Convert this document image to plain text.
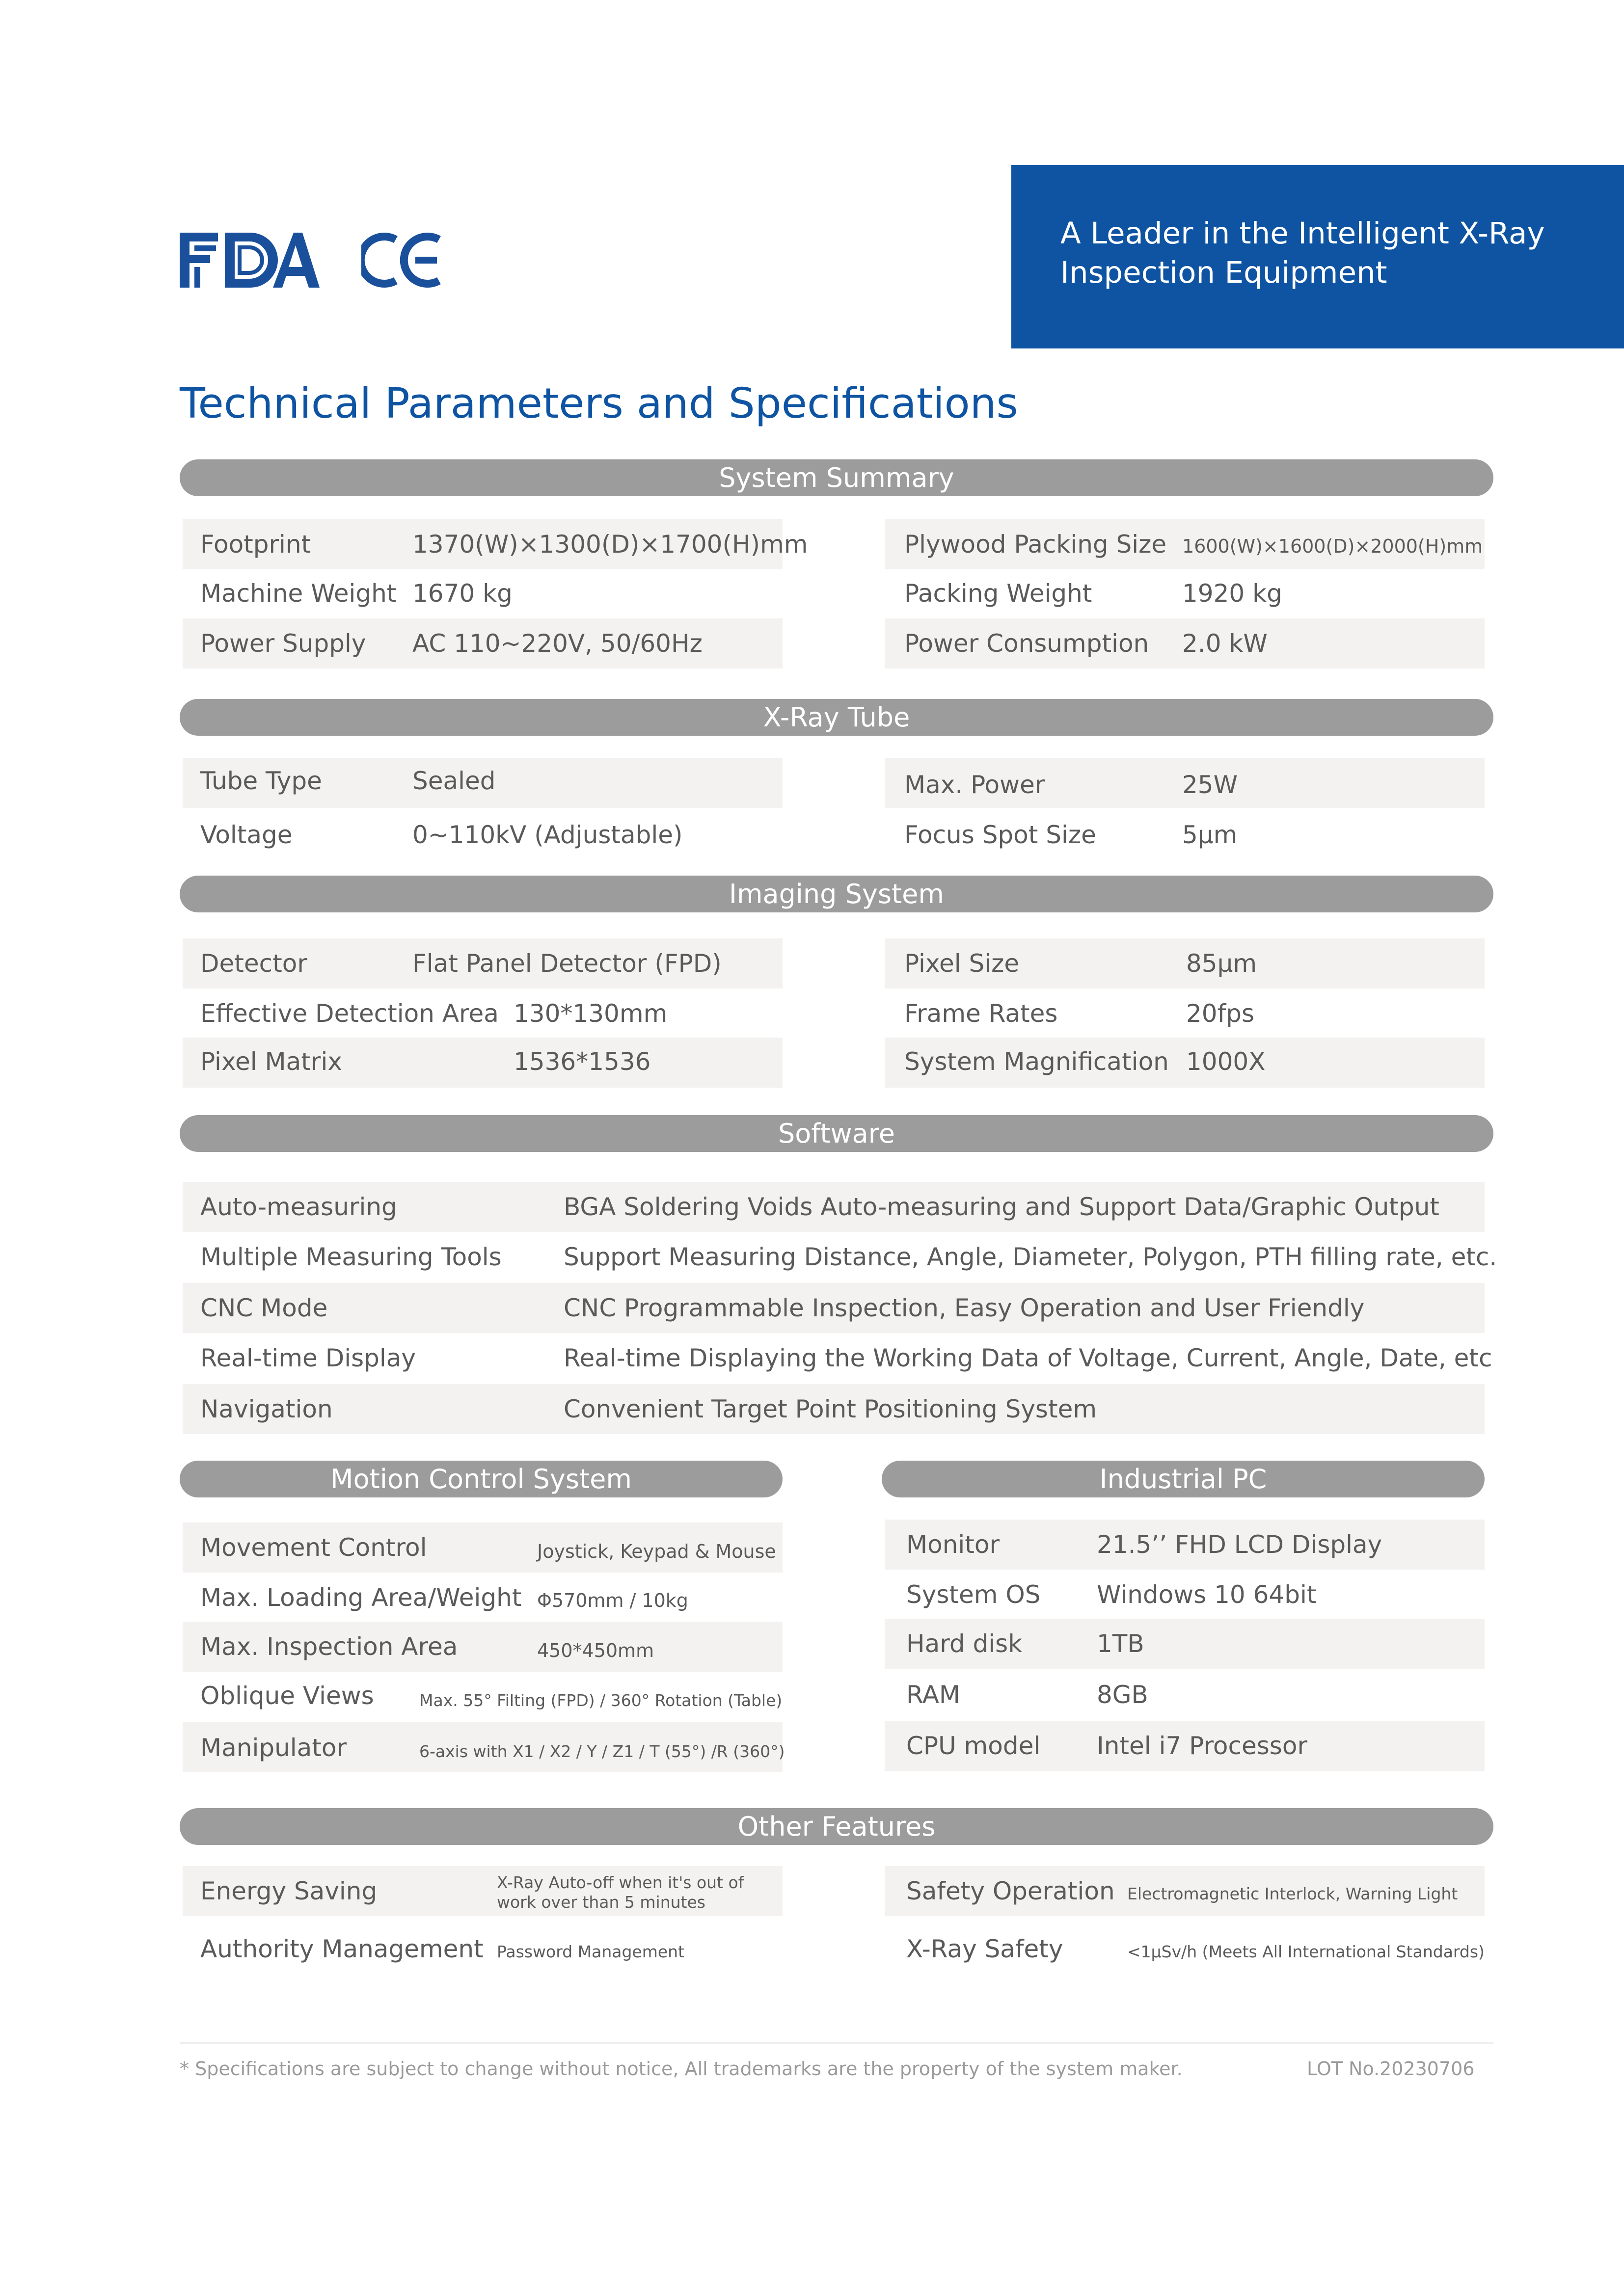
A Leader in the Intelligent X-Ray
Inspection Equipment
Technical Parameters and Specifications
System Summary
Footprint	1370(W)×1300(D)×1700(H)mm
Machine Weight 1670 kg
Power Supply AC 110~220V, 50/60Hz
Plywood Packing Size 1600(W)×1600(D)×2000(H)mm
Packing Weight	1920 kg
Power Consumption 2.0 kW
X-Ray Tube
Tube Type	Sealed
Voltage	0~110kV (Adjustable)
Max. Power	25W
Focus Spot Size	5μm
Imaging System
Detector	Flat Panel Detector (FPD)
Effective Detection Area 130*130mm
Pixel Matrix	1536*1536
Pixel Size	85μm
Frame Rates	20fps
System Magnification 1000X
Software
Auto-measuring	BGA Soldering Voids Auto-measuring and Support Data/Graphic Output
Multiple Measuring Tools	Support Measuring Distance, Angle, Diameter, Polygon, PTH filling rate, etc.
CNC Mode	CNC Programmable Inspection, Easy Operation and User Friendly
Real-time Display	Real-time Displaying the Working Data of Voltage, Current, Angle, Date, etc
Navigation	Convenient Target Point Positioning System
Motion Control System
Movement Control	Joystick, Keypad & Mouse
Max. Loading Area/Weight Φ570mm / 10kg
Max. Inspection Area	450*450mm
Oblique Views	Max. 55° Filting (FPD) / 360° Rotation (Table)
Manipulator	6-axis with X1 / X2 / Y / Z1 / T (55°) /R (360°)
Industrial PC
Monitor	21.5’’ FHD LCD Display
System OS Windows 10 64bit
Hard disk	1TB
RAM	8GB
CPU model Intel i7 Processor
Other Features
Energy Saving	X-Ray Auto-off when it's out of work over than 5 minutes
Authority Management Password Management
Safety Operation Electromagnetic Interlock, Warning Light
X-Ray Safety	<1μSv/h (Meets All International Standards)
* Specifications are subject to change without notice, All trademarks are the property of the system maker.	LOT No.20230706
